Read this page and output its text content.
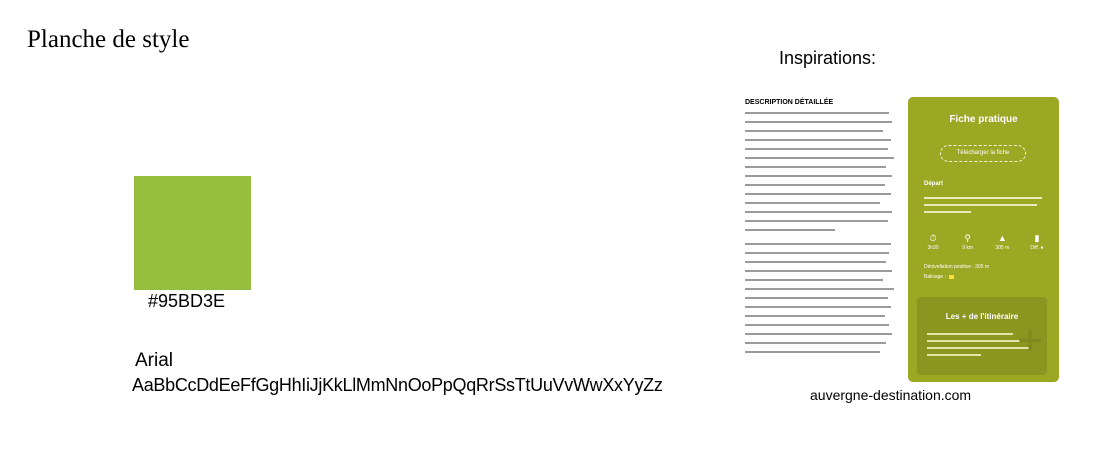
Planche de style
#95BD3E
Arial
AaBbCcDdEeFfGgHhIiJjKkLlMmNnOoPpQqRrSsTtUuVvWwXxYyZz
Inspirations:
DESCRIPTION DÉTAILLÉE
Fiche pratique
Télécharger la fiche
Départ
⏱
3h30
⚲
9 km
▲
305 m
▮
Diff. ●
Dénivellation positive : 305 m
Balisage :
Les + de l'itinéraire +
auvergne-destination.com
